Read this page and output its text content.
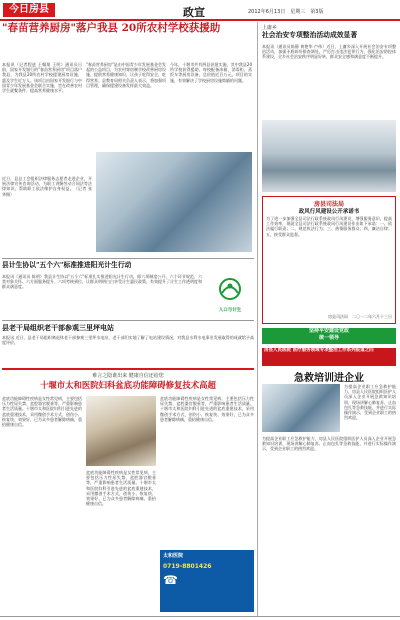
今日房县	政宣	2012年6月13日　星期三　第3版
"春苗营养厨房"落户我县 20所农村学校获援助
本报讯（记者程进 王翰翔 王明）通讯员日前，国家开发银行的"春苗营养厨房"项目落户我县，为我县20所农村学校援建厨房设施，惠及学生近万人。该项目由国家开发银行与中国青少年发展基金会联合实施，旨在改善农村学生就餐条件，提高营养健康水平。
"春苗营养厨房"是由中国青少年发展基金会发起的公益项目，为农村寄宿制学校改善厨房设施、提供营养健康知识，让孩子吃得安全、吃得营养。县教育局相关负责人表示，将加强项目管理，确保援建设备发挥最大效益。
今年，十堰市共有两县获批实施，其中我县20所学校获得援助，每校配备冰箱、消毒柜、蒸饭车等厨房设备，总价值近百万元。项目的实施，有效解决了学校厨房设施简陋的问题。
近日，县总工会组织法律服务志愿者走进企业，开展法律宣传咨询活动，为职工讲解劳动合同法等法律知识，帮助职工依法维护自身权益。（记者 张 华摄）
县计生协以"五个六"标准推进阳光计生行动
本报讯（通讯员 陈明）我县计生协以"五个六"标准扎实推进阳光计生行动，即六项制度公开、六个环节规范、六类对象关怀、六方面服务提升、六项考核到位，让群众明明白白享受计生惠民政策，有效提升了计生工作透明度和群众满意度。
人口与计生
县老干局组织老干部参观三里坪电站
本报讯 近日，县老干局组织离退休老干部参观三里坪水电站，老干部们实地了解了电站建设情况，对我县水利水电事业发展取得的成就给予高度评价。
难言之隐谁出来 健康自信还给您
十堰市太和医院妇科盆底功能障碍修复技术高超
盆底功能障碍性疾病是女性常见病，主要包括压力性尿失禁、盆腔器官脱垂等，严重影响患者生活质量。十堰市太和医院妇科引进先进的盆底重建技术，采用微创手术方式，创伤小、恢复快、效果好，已为众多患者解除病痛，重拾健康自信。
盆底功能障碍性疾病是女性常见病，主要包括压力性尿失禁、盆腔器官脱垂等，严重影响患者生活质量。十堰市太和医院妇科引进先进的盆底重建技术，采用微创手术方式，创伤小、恢复快、效果好，已为众多患者解除病痛，重拾健康自信。
盆底功能障碍性疾病是女性常见病，主要包括压力性尿失禁、盆腔器官脱垂等，严重影响患者生活质量。十堰市太和医院妇科引进先进的盆底重建技术，采用微创手术方式，创伤小、恢复快、效果好，已为众多患者解除病痛，重拾健康自信。
太和医院
0719-8801426
☎
上庸乡
社会治安专项整治活动成效显著
本报讯（通讯员陈静 黄艳华 卢伟）近日，上庸乡深入开展社会治安专项整治活动，加强矛盾纠纷排查调处，严厉打击违法犯罪行为，强化治安防控体系建设，全乡社会治安秩序明显好转，群众安全感和满意度不断提升。
房县司法局
政风行风建设公开承诺书
为了进一步加强全县司法行政系统政风行风建设，增强服务意识，提高工作效率，现就全县司法行政系统政风行风建设作出如下承诺：一、依法履行职责；二、规范执法行为；三、热情服务群众；四、廉洁自律；五、接受群众监督。
房县司法局　二〇一二年六月十三日
坚持平安建设党政
统一领导
房县人民医院 医疗服务领域专项整治工作系列报道之四
急救培训进企业
为提高企业职工应急救护能力，房县人民医院组织医护人员深入企业开展急救知识培训，现场讲解心肺复苏、止血包扎等急救技能，并进行实际操作演示，受到企业职工的热烈欢迎。
为提高企业职工应急救护能力，房县人民医院组织医护人员深入企业开展急救知识培训，现场讲解心肺复苏、止血包扎等急救技能，并进行实际操作演示，受到企业职工的热烈欢迎。
